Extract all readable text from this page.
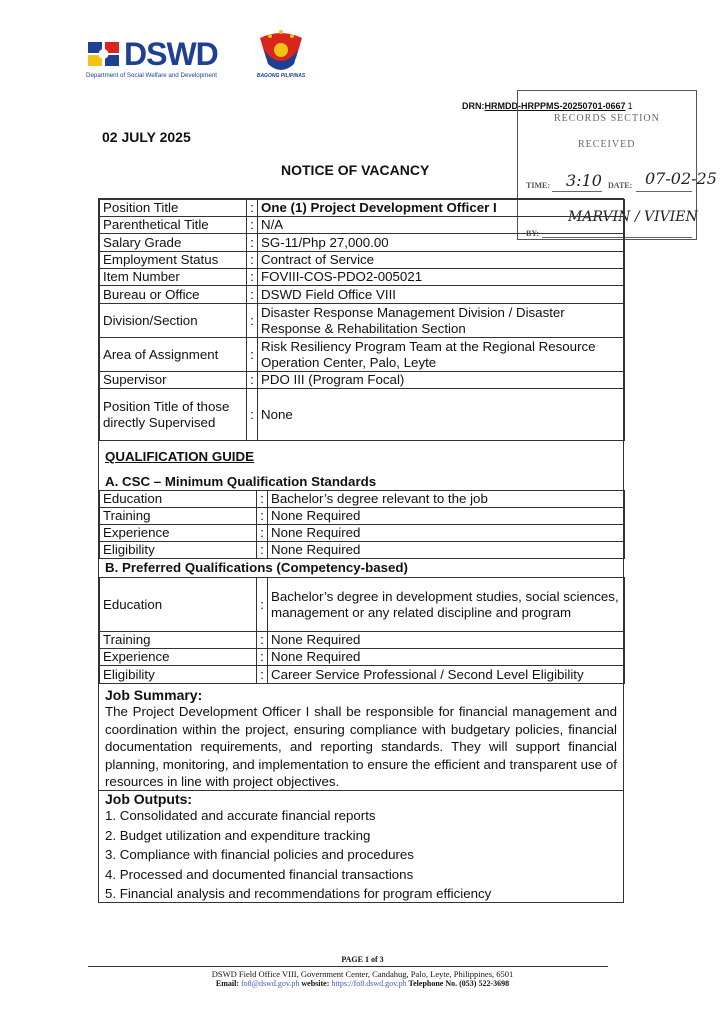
DSWD
Department of Social Welfare and Development	BAGONG PILIPINAS
DRN:HRMDD-HRPPMS-20250701-0667 1
RECORDS SECTION
RECEIVED
TIME: 3:10 DATE: 07-02-25
BY:
MARVIN / VIVIEN
02 JULY 2025
NOTICE OF VACANCY
Position Title	:	One (1) Project Development Officer I
Parenthetical Title	:	N/A
Salary Grade	:	SG-11/Php 27,000.00
Employment Status	:	Contract of Service
Item Number	:	FOVIII-COS-PDO2-005021
Bureau or Office	:	DSWD Field Office VIII
Division/Section	:	Disaster Response Management Division / Disaster Response & Rehabilitation Section
Area of Assignment	:	Risk Resiliency Program Team at the Regional Resource Operation Center, Palo, Leyte
Supervisor	:	PDO III (Program Focal)
Position Title of those directly Supervised	:	None
QUALIFICATION GUIDE
A. CSC – Minimum Qualification Standards
Education	:	Bachelor’s degree relevant to the job
Training	:	None Required
Experience	:	None Required
Eligibility	:	None Required
B. Preferred Qualifications (Competency-based)
Education	:	Bachelor’s degree in development studies, social sciences, management or any related discipline and program
Training	:	None Required
Experience	:	None Required
Eligibility	:	Career Service Professional / Second Level Eligibility
Job Summary:
The Project Development Officer I shall be responsible for financial management and coordination within the project, ensuring compliance with budgetary policies, financial documentation requirements, and reporting standards. They will support financial planning, monitoring, and implementation to ensure the efficient and transparent use of resources in line with project objectives.
Job Outputs:
1. Consolidated and accurate financial reports
2. Budget utilization and expenditure tracking
3. Compliance with financial policies and procedures
4. Processed and documented financial transactions
5. Financial analysis and recommendations for program efficiency
PAGE 1 of 3
DSWD Field Office VIII, Government Center, Candahug, Palo, Leyte, Philippines, 6501
Email: fo8@dswd.gov.ph website: https://fo8.dswd.gov.ph Telephone No. (053) 522-3698
